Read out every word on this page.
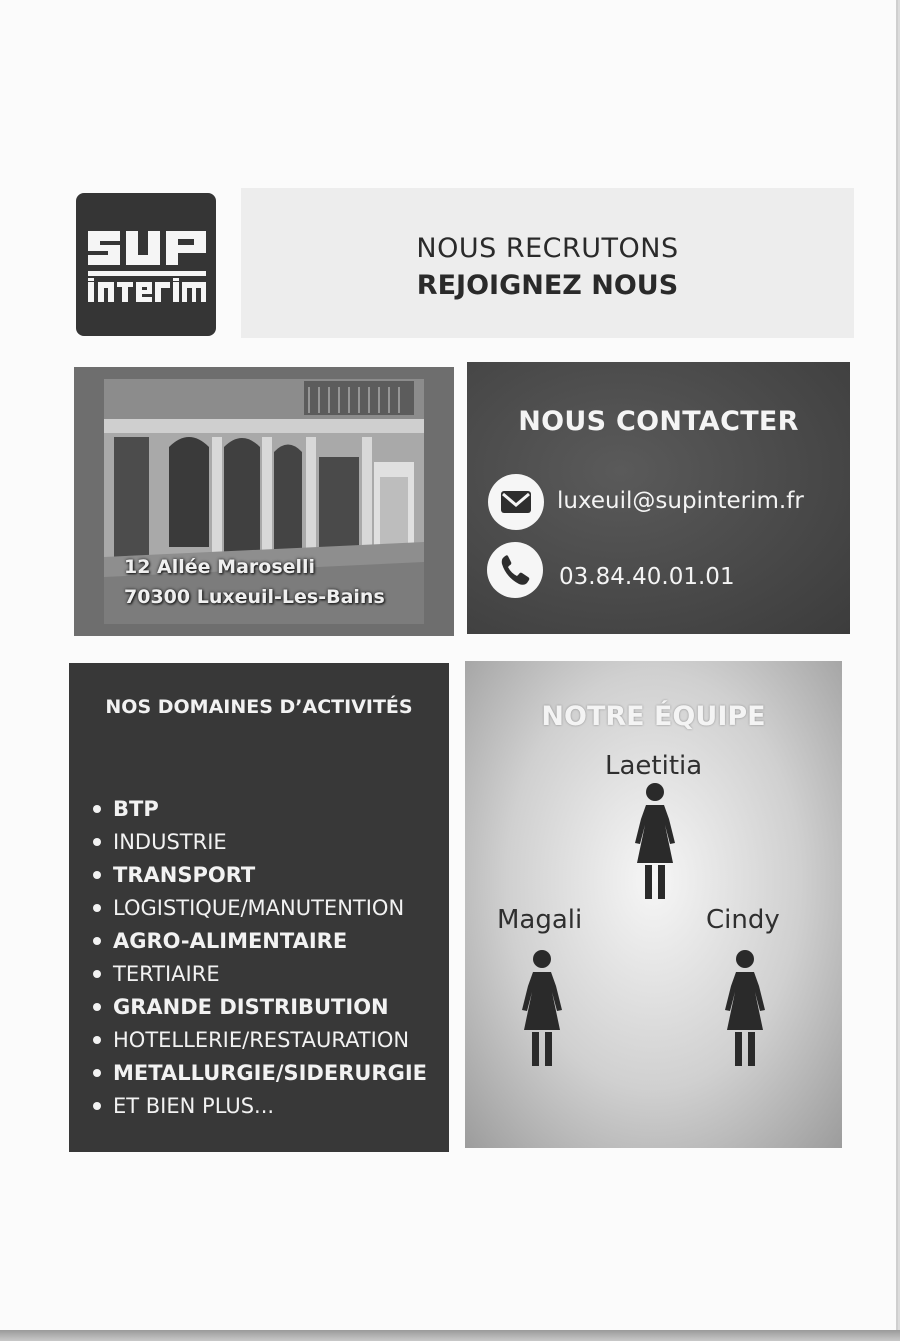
NOUS RECRUTONS
REJOIGNEZ NOUS
12 Allée Maroselli
70300 Luxeuil-Les-Bains
NOUS CONTACTER
luxeuil@supinterim.fr
03.84.40.01.01
NOS DOMAINES D’ACTIVITÉS
BTP
INDUSTRIE
TRANSPORT
LOGISTIQUE/MANUTENTION
AGRO-ALIMENTAIRE
TERTIAIRE
GRANDE DISTRIBUTION
HOTELLERIE/RESTAURATION
METALLURGIE/SIDERURGIE
ET BIEN PLUS...
NOTRE ÉQUIPE
Laetitia
Magali	Cindy
